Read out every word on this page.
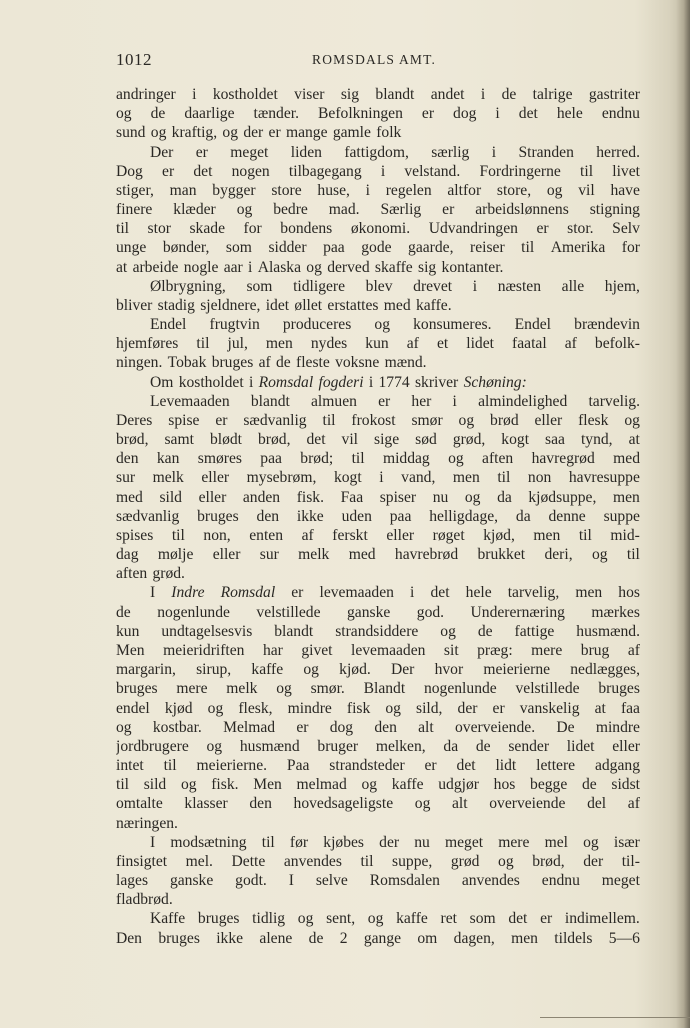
1012	ROMSDALS AMT.
andringer i kostholdet viser sig blandt andet i de talrige gastriter
og de daarlige tænder. Befolkningen er dog i det hele endnu
sund og kraftig, og der er mange gamle folk
Der er meget liden fattigdom, særlig i Stranden herred.
Dog er det nogen tilbagegang i velstand. Fordringerne til livet
stiger, man bygger store huse, i regelen altfor store, og vil have
finere klæder og bedre mad. Særlig er arbeidslønnens stigning
til stor skade for bondens økonomi. Udvandringen er stor. Selv
unge bønder, som sidder paa gode gaarde, reiser til Amerika for
at arbeide nogle aar i Alaska og derved skaffe sig kontanter.
Ølbrygning, som tidligere blev drevet i næsten alle hjem,
bliver stadig sjeldnere, idet øllet erstattes med kaffe.
Endel frugtvin produceres og konsumeres. Endel brændevin
hjemføres til jul, men nydes kun af et lidet faatal af befolk-
ningen. Tobak bruges af de fleste voksne mænd.
Om kostholdet i Romsdal fogderi i 1774 skriver Schøning:
Levemaaden blandt almuen er her i almindelighed tarvelig.
Deres spise er sædvanlig til frokost smør og brød eller flesk og
brød, samt blødt brød, det vil sige sød grød, kogt saa tynd, at
den kan smøres paa brød; til middag og aften havregrød med
sur melk eller mysebrøm, kogt i vand, men til non havresuppe
med sild eller anden fisk. Faa spiser nu og da kjødsuppe, men
sædvanlig bruges den ikke uden paa helligdage, da denne suppe
spises til non, enten af ferskt eller røget kjød, men til mid-
dag mølje eller sur melk med havrebrød brukket deri, og til
aften grød.
I Indre Romsdal er levemaaden i det hele tarvelig, men hos
de nogenlunde velstillede ganske god. Underernæring mærkes
kun undtagelsesvis blandt strandsiddere og de fattige husmænd.
Men meieridriften har givet levemaaden sit præg: mere brug af
margarin, sirup, kaffe og kjød. Der hvor meierierne nedlægges,
bruges mere melk og smør. Blandt nogenlunde velstillede bruges
endel kjød og flesk, mindre fisk og sild, der er vanskelig at faa
og kostbar. Melmad er dog den alt overveiende. De mindre
jordbrugere og husmænd bruger melken, da de sender lidet eller
intet til meierierne. Paa strandsteder er det lidt lettere adgang
til sild og fisk. Men melmad og kaffe udgjør hos begge de sidst
omtalte klasser den hovedsageligste og alt overveiende del af
næringen.
I modsætning til før kjøbes der nu meget mere mel og især
finsigtet mel. Dette anvendes til suppe, grød og brød, der til-
lages ganske godt. I selve Romsdalen anvendes endnu meget
fladbrød.
Kaffe bruges tidlig og sent, og kaffe ret som det er indimellem.
Den bruges ikke alene de 2 gange om dagen, men tildels 5—6
